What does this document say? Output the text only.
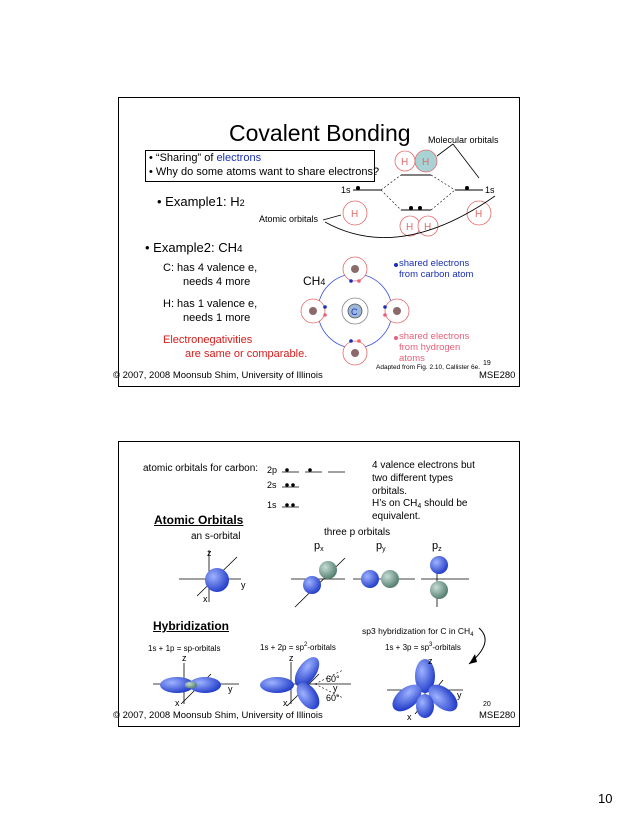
Covalent Bonding Molecular orbitals
• “Sharing” of electrons
• Why do some atoms want to share electrons?
• Example1: H2
Atomic orbitals
• Example2: CH4
C: has 4 valence e,
needs 4 more
H: has 1 valence e,
needs 1 more
Electronegativities
are same or comparable.
CH4
shared electrons
from carbon atom
shared electrons
from hydrogen
atoms	19
Adapted from Fig. 2.10, Callister 6e.
© 2007, 2008 Moonsub Shim, University of Illinois	MSE280
H H
1s	1s
H	H
H H
C
atomic orbitals for carbon: 2p
2s
1s
4 valence electrons but
two different types
orbitals.
H’s on $CH_4$ should be
equivalent.
Atomic Orbitals
an s-orbital	three p orbitals
px	py	pz
Hybridization	sp3 hybridization for C in $CH_4$
1s + 1p = sp-orbitals	$1s + 2p = sp^2$-orbitals	$1s + 3p = sp^3$-orbitals
20
© 2007, 2008 Moonsub Shim, University of Illinois	MSE280
z
y
x
z
y
x
z
x
y
60°
60°
z
y
x
10
